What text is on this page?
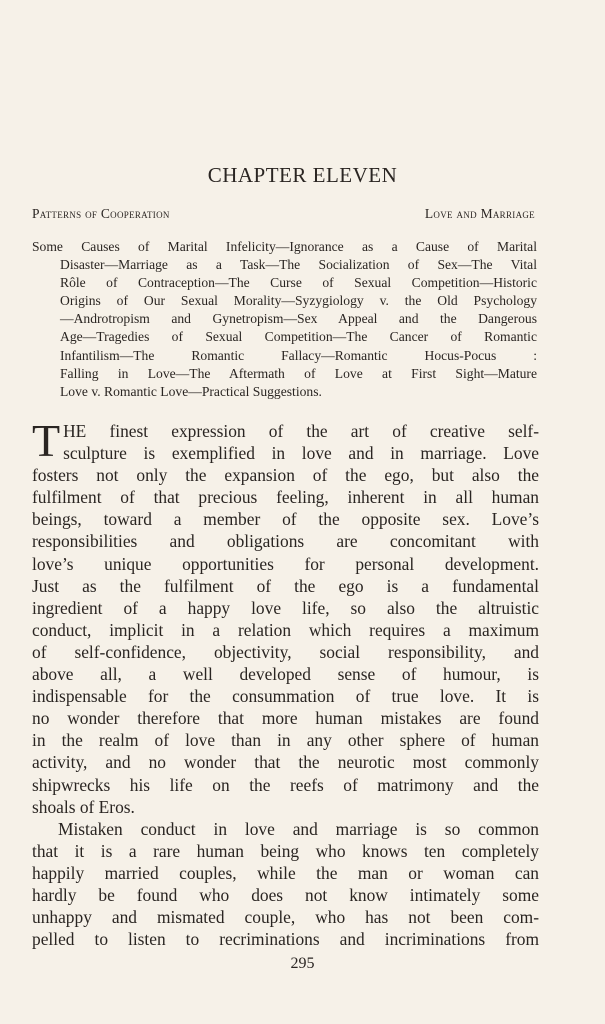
CHAPTER ELEVEN
Patterns of Cooperation	Love and Marriage
Some Causes of Marital Infelicity—Ignorance as a Cause of Marital
Disaster—Marriage as a Task—The Socialization of Sex—The Vital
Rôle of Contraception—The Curse of Sexual Competition—Historic
Origins of Our Sexual Morality—Syzygiology v. the Old Psychology
—Androtropism and Gynetropism—Sex Appeal and the Dangerous
Age—Tragedies of Sexual Competition—The Cancer of Romantic
Infantilism—The Romantic Fallacy—Romantic Hocus-Pocus :
Falling in Love—The Aftermath of Love at First Sight—Mature
Love v. Romantic Love—Practical Suggestions.
T HE finest expression of the art of creative self-
sculpture is exemplified in love and in marriage. Love
fosters not only the expansion of the ego, but also the
fulfilment of that precious feeling, inherent in all human
beings, toward a member of the opposite sex. Love’s
responsibilities and obligations are concomitant with
love’s unique opportunities for personal development.
Just as the fulfilment of the ego is a fundamental
ingredient of a happy love life, so also the altruistic
conduct, implicit in a relation which requires a maximum
of self-confidence, objectivity, social responsibility, and
above all, a well developed sense of humour, is
indispensable for the consummation of true love. It is
no wonder therefore that more human mistakes are found
in the realm of love than in any other sphere of human
activity, and no wonder that the neurotic most commonly
shipwrecks his life on the reefs of matrimony and the
shoals of Eros.
Mistaken conduct in love and marriage is so common
that it is a rare human being who knows ten completely
happily married couples, while the man or woman can
hardly be found who does not know intimately some
unhappy and mismated couple, who has not been com-
pelled to listen to recriminations and incriminations from
295
